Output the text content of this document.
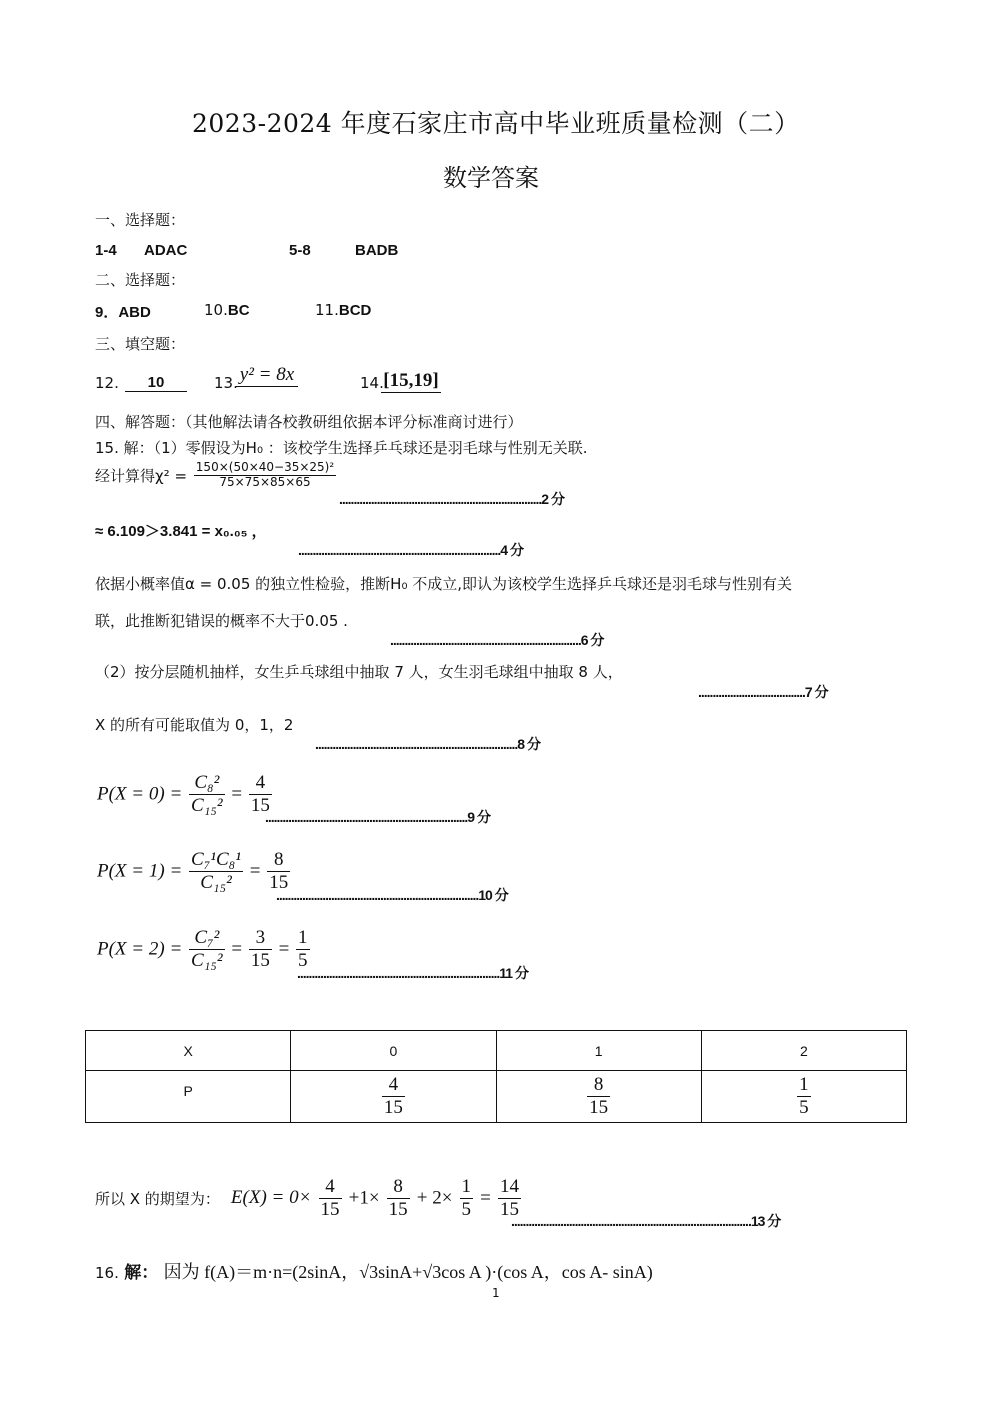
2023-2024 年度石家庄市高中毕业班质量检测（二）
数学答案
一、选择题：
1-4 ADAC	5-8	BADB
二、选择题：
9．ABD	10.BC	11.BCD
三、填空题：
12.	10	13. y² = 8x	14. [15,19]
四、解答题：（其他解法请各校教研组依据本评分标准商讨进行）
15. 解：（1）零假设为H₀ ：该校学生选择乒乓球还是羽毛球与性别无关联.
经计算得$\chi^2 = \frac{\text{150×(50×40−35×25)²}}{75\times 75\times 85\times 65}$
......................................................................2 分
≈ 6.109＞3.841 = x₀.₀₅ ，
......................................................................4 分
依据小概率值α = 0.05 的独立性检验，推断H₀ 不成立,即认为该校学生选择乒乓球还是羽毛球与性别有关
联，此推断犯错误的概率不大于0.05 .
..................................................................6 分
（2）按分层随机抽样，女生乒乓球组中抽取 7 人，女生羽毛球组中抽取 8 人，
.....................................7 分
X 的所有可能取值为 0，1，2
......................................................................8 分
$P(X = 0) = \frac{\text{C₈²}}{\text{C₁₅²}} = \frac{4}{15}$
......................................................................9 分
$P(X = 1) = \frac{\text{C₇¹C₈¹}}{\text{C₁₅²}} = \frac{8}{15}$
......................................................................10 分
$P(X = 2) = \frac{\text{C₇²}}{\text{C₁₅²}} = \frac{3}{15} = \frac{1}{5}$
......................................................................11 分
X	0	1	2
P	$\frac{4}{15}$	$\frac{8}{15}$	$\frac{1}{5}$
所以 X 的期望为： $E(X) = 0\times \frac{4}{15} +1\times \frac{8}{15} + 2\times \frac{1}{5} = \frac{14}{15}$
...................................................................................13 分
16. 解： 因为 f(A)＝m·n=(2sinA，√3sinA+√3cos A )·(cos A，cos A- sinA)
1
